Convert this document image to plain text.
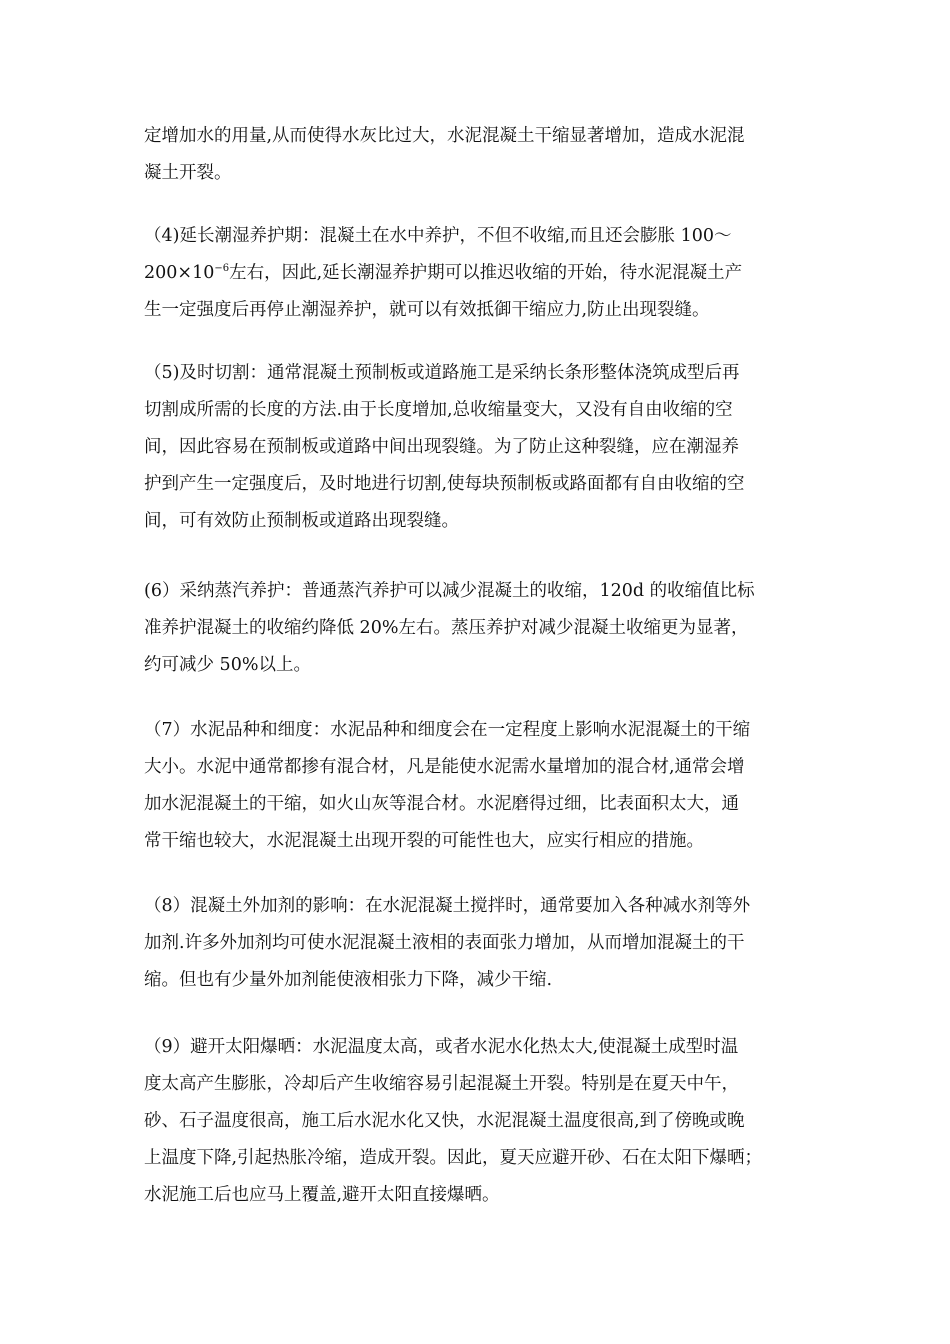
定增加水的用量,从而使得水灰比过大，水泥混凝土干缩显著增加，造成水泥混
凝土开裂。
（4)延长潮湿养护期：混凝土在水中养护，不但不收缩,而且还会膨胀 100～
$200\times 10^{-6}$左右，因此,延长潮湿养护期可以推迟收缩的开始，待水泥混凝土产
生一定强度后再停止潮湿养护，就可以有效抵御干缩应力,防止出现裂缝。
（5)及时切割：通常混凝土预制板或道路施工是采纳长条形整体浇筑成型后再
切割成所需的长度的方法.由于长度增加,总收缩量变大，又没有自由收缩的空
间，因此容易在预制板或道路中间出现裂缝。为了防止这种裂缝，应在潮湿养
护到产生一定强度后，及时地进行切割,使每块预制板或路面都有自由收缩的空
间，可有效防止预制板或道路出现裂缝。
(6）采纳蒸汽养护：普通蒸汽养护可以减少混凝土的收缩，120d 的收缩值比标
准养护混凝土的收缩约降低 20%左右。蒸压养护对减少混凝土收缩更为显著，
约可减少 50%以上。
（7）水泥品种和细度：水泥品种和细度会在一定程度上影响水泥混凝土的干缩
大小。水泥中通常都掺有混合材，凡是能使水泥需水量增加的混合材,通常会增
加水泥混凝土的干缩，如火山灰等混合材。水泥磨得过细，比表面积太大，通
常干缩也较大，水泥混凝土出现开裂的可能性也大，应实行相应的措施。
（8）混凝土外加剂的影响：在水泥混凝土搅拌时，通常要加入各种减水剂等外
加剂.许多外加剂均可使水泥混凝土液相的表面张力增加，从而增加混凝土的干
缩。但也有少量外加剂能使液相张力下降，减少干缩.
（9）避开太阳爆晒：水泥温度太高，或者水泥水化热太大,使混凝土成型时温
度太高产生膨胀，冷却后产生收缩容易引起混凝土开裂。特别是在夏天中午，
砂、石子温度很高，施工后水泥水化又快，水泥混凝土温度很高,到了傍晚或晚
上温度下降,引起热胀冷缩，造成开裂。因此，夏天应避开砂、石在太阳下爆晒；
水泥施工后也应马上覆盖,避开太阳直接爆晒。
